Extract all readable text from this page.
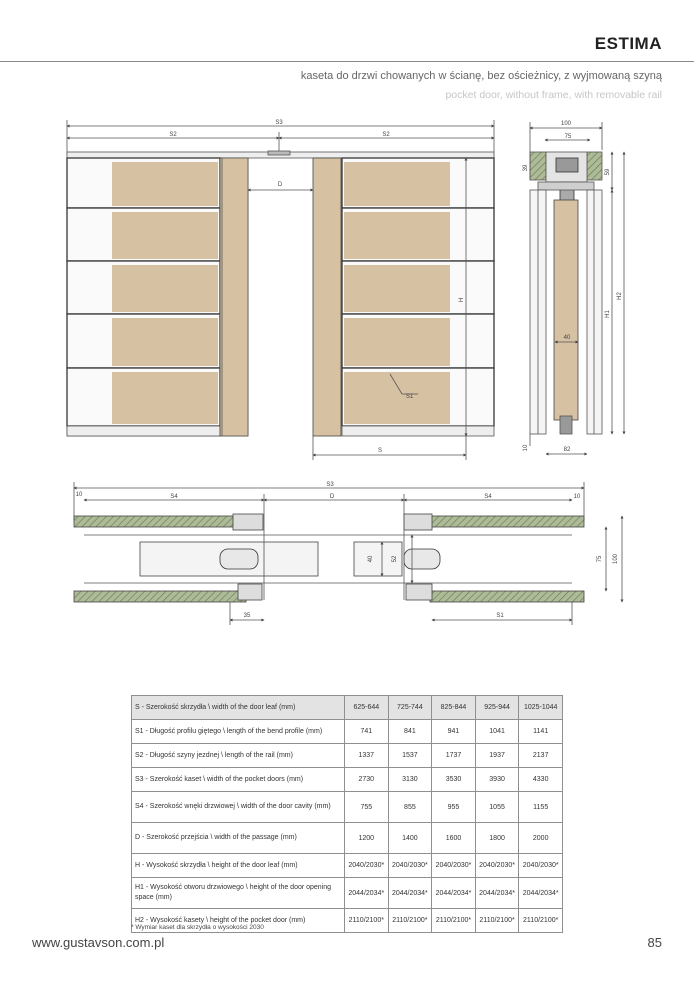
ESTIMA
kaseta do drzwi chowanych w ścianę, bez ościeżnicy, z wyjmowaną szyną
pocket door, without frame, with removable rail
S3
S2	S2
D
H
S1
S
100
75
39
59
H1
H2
40
10	82
S3
S4	D	S4
10	10
40	52	75 100
35	S1
S - Szerokość skrzydła \ width of the door leaf (mm)	625-644	725-744	825-844	925-944	1025-1044
S1 - Długość profilu giętego \ length of the bend profile (mm)	741	841	941	1041	1141
S2 - Długość szyny jezdnej \ length of the rail (mm)	1337	1537	1737	1937	2137
S3 - Szerokość kaset \ width of the pocket doors (mm)	2730	3130	3530	3930	4330
S4 - Szerokość wnęki drzwiowej \ width of the door cavity (mm)	755	855	955	1055	1155
D - Szerokość przejścia \ width of the passage (mm)	1200	1400	1600	1800	2000
H - Wysokość skrzydła \ height of the door leaf (mm)	2040/2030*	2040/2030*	2040/2030*	2040/2030*	2040/2030*
H1 - Wysokość otworu drzwiowego \ height of the door opening space (mm)	2044/2034*	2044/2034*	2044/2034*	2044/2034*	2044/2034*
H2 - Wysokość kasety \ height of the pocket door (mm)	2110/2100*	2110/2100*	2110/2100*	2110/2100*	2110/2100*
* Wymiar kaset dla skrzydła o wysokości 2030
www.gustavson.com.pl	85
